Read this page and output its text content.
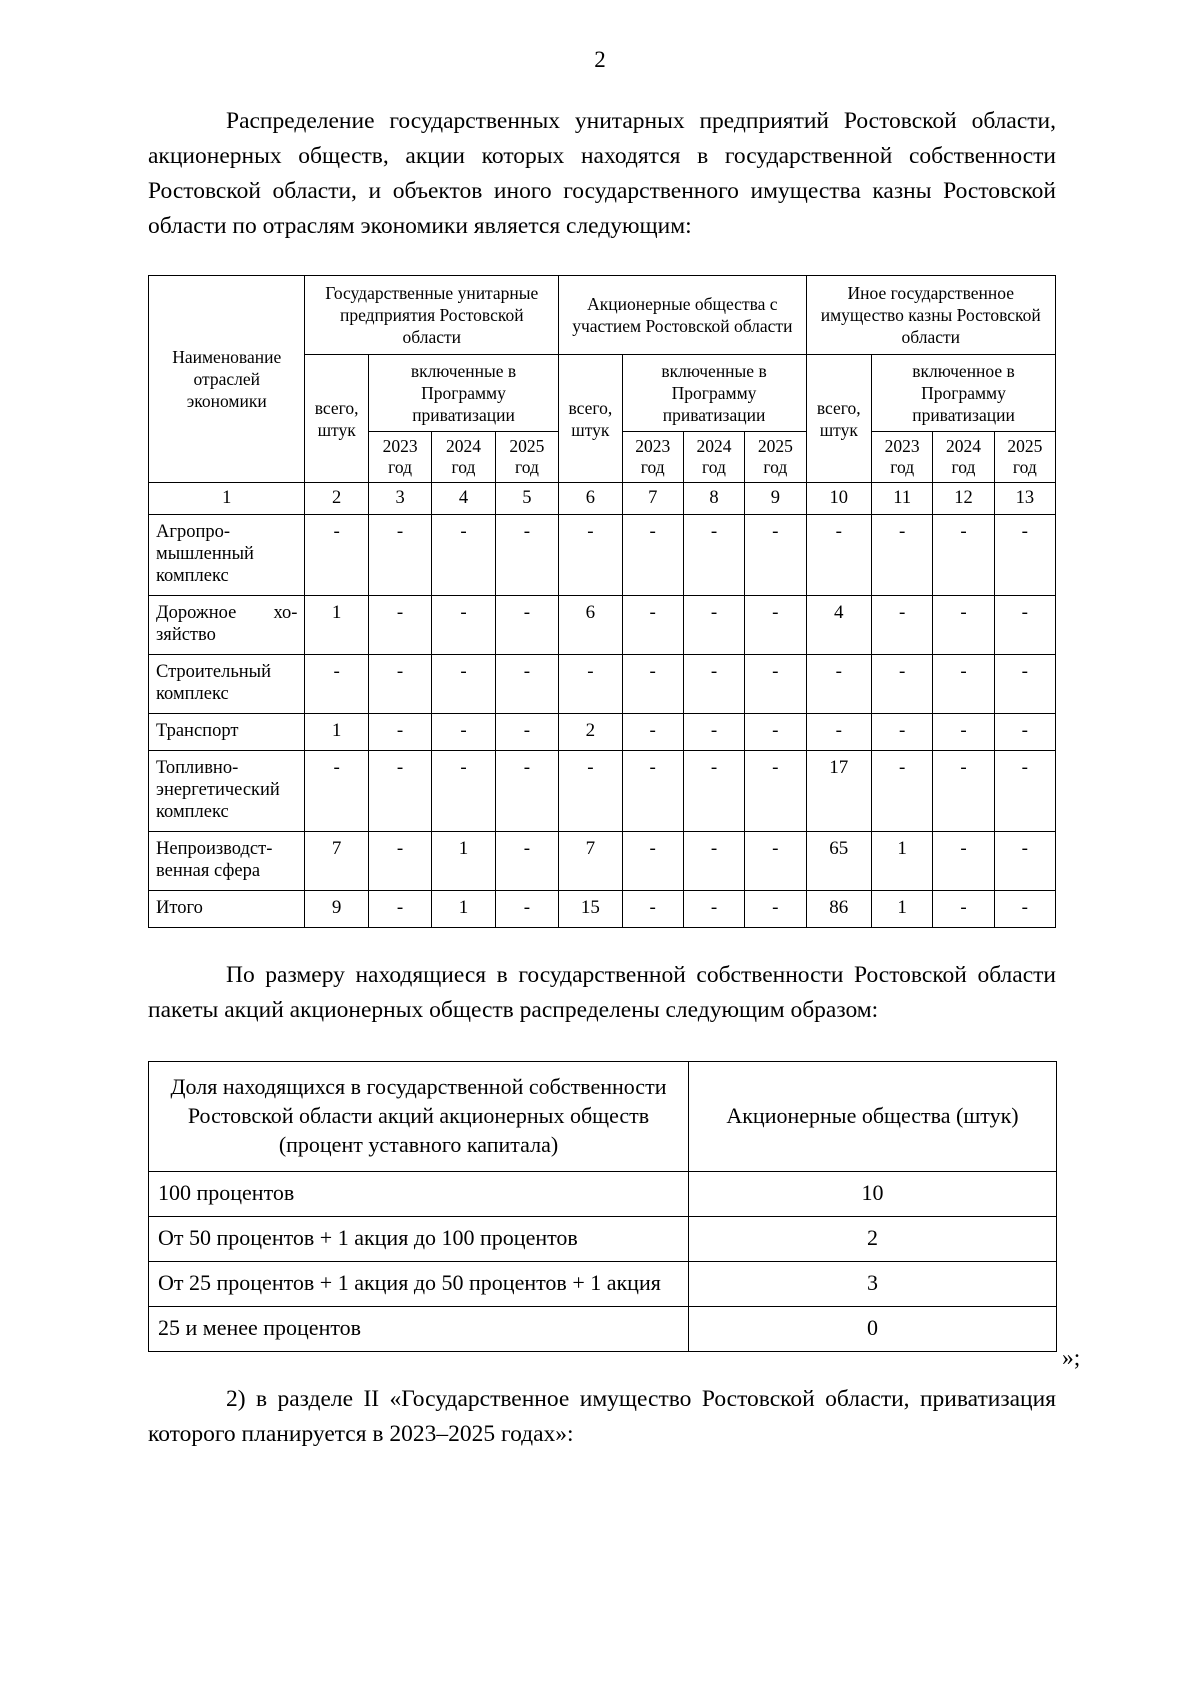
2

Распределение государственных унитарных предприятий Ростовской области, акционерных обществ, акции которых находятся в государственной собственности Ростовской области, и объектов иного государственного имущества казны Ростовской области по отраслям экономики является следующим:

Наименование отраслей экономики	Государственные унитарные предприятия Ростовской области				Акционерные общества с участием Ростовской области				Иное государственное имущество казны Ростовской области			
	всего, штук	включенные в Программу приватизации			всего, штук	включенные в Программу приватизации			всего, штук	включенное в Программу приватизации		
		2023 год	2024 год	2025 год		2023 год	2024 год	2025 год		2023 год	2024 год	2025 год
1	2	3	4	5	6	7	8	9	10	11	12	13
Агропромышленный комплекс	-	-	-	-	-	-	-	-	-	-	-	-
Дорожное хозяйство	1	-	-	-	6	-	-	-	4	-	-	-
Строительный комплекс	-	-	-	-	-	-	-	-	-	-	-	-
Транспорт	1	-	-	-	2	-	-	-	-	-	-	-
Топливно-энергетический комплекс	-	-	-	-	-	-	-	-	17	-	-	-
Непроизводственная сфера	7	-	1	-	7	-	-	-	65	1	-	-
Итого	9	-	1	-	15	-	-	-	86	1	-	-

По размеру находящиеся в государственной собственности Ростовской области пакеты акций акционерных обществ распределены следующим образом:

Доля находящихся в государственной собственности Ростовской области акций акционерных обществ (процент уставного капитала)	Акционерные общества (штук)
100 процентов	10
От 50 процентов + 1 акция до 100 процентов	2
От 25 процентов + 1 акция до 50 процентов + 1 акция	3
25 и менее процентов	0

2) в разделе II «Государственное имущество Ростовской области, приватизация которого планируется в 2023–2025 годах»:

»;
